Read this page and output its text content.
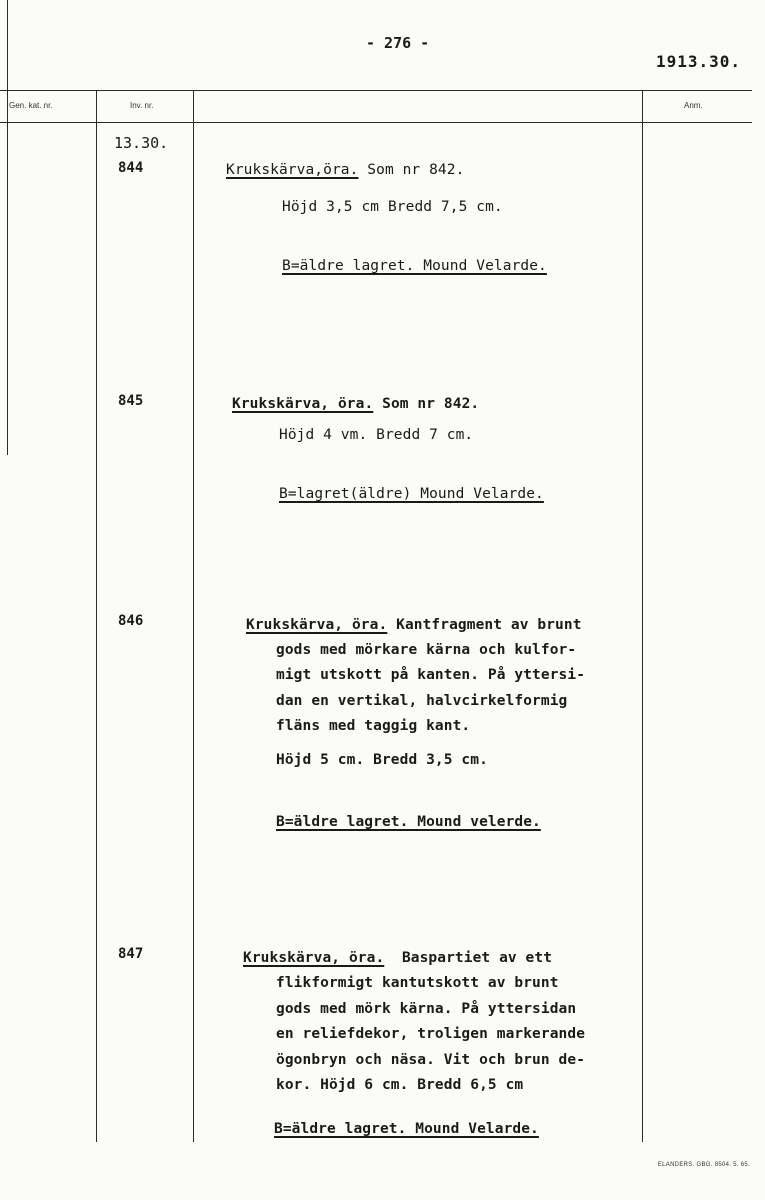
- 276 -
1913.30.
Gen. kat. nr.	Inv. nr.	Anm.
13.30.
844	Krukskärva,öra. Som nr 842.
Höjd 3,5 cm Bredd 7,5 cm.
B=äldre lagret. Mound Velarde.
845	Krukskärva, öra. Som nr 842.
Höjd 4 vm. Bredd 7 cm.
B=lagret(äldre) Mound Velarde.
846	Krukskärva, öra. Kantfragment av brunt
gods med mörkare kärna och kulfor-
migt utskott på kanten. På yttersi-
dan en vertikal, halvcirkelformig
fläns med taggig kant.
Höjd 5 cm. Bredd 3,5 cm.
B=äldre lagret. Mound velerde.
847	Krukskärva, öra.  Baspartiet av ett
flikformigt kantutskott av brunt
gods med mörk kärna. På yttersidan
en reliefdekor, troligen markerande
ögonbryn och näsa. Vit och brun de-
kor. Höjd 6 cm. Bredd 6,5 cm
B=äldre lagret. Mound Velarde.
ELANDERS. GBG. 8504. 5. 65.
